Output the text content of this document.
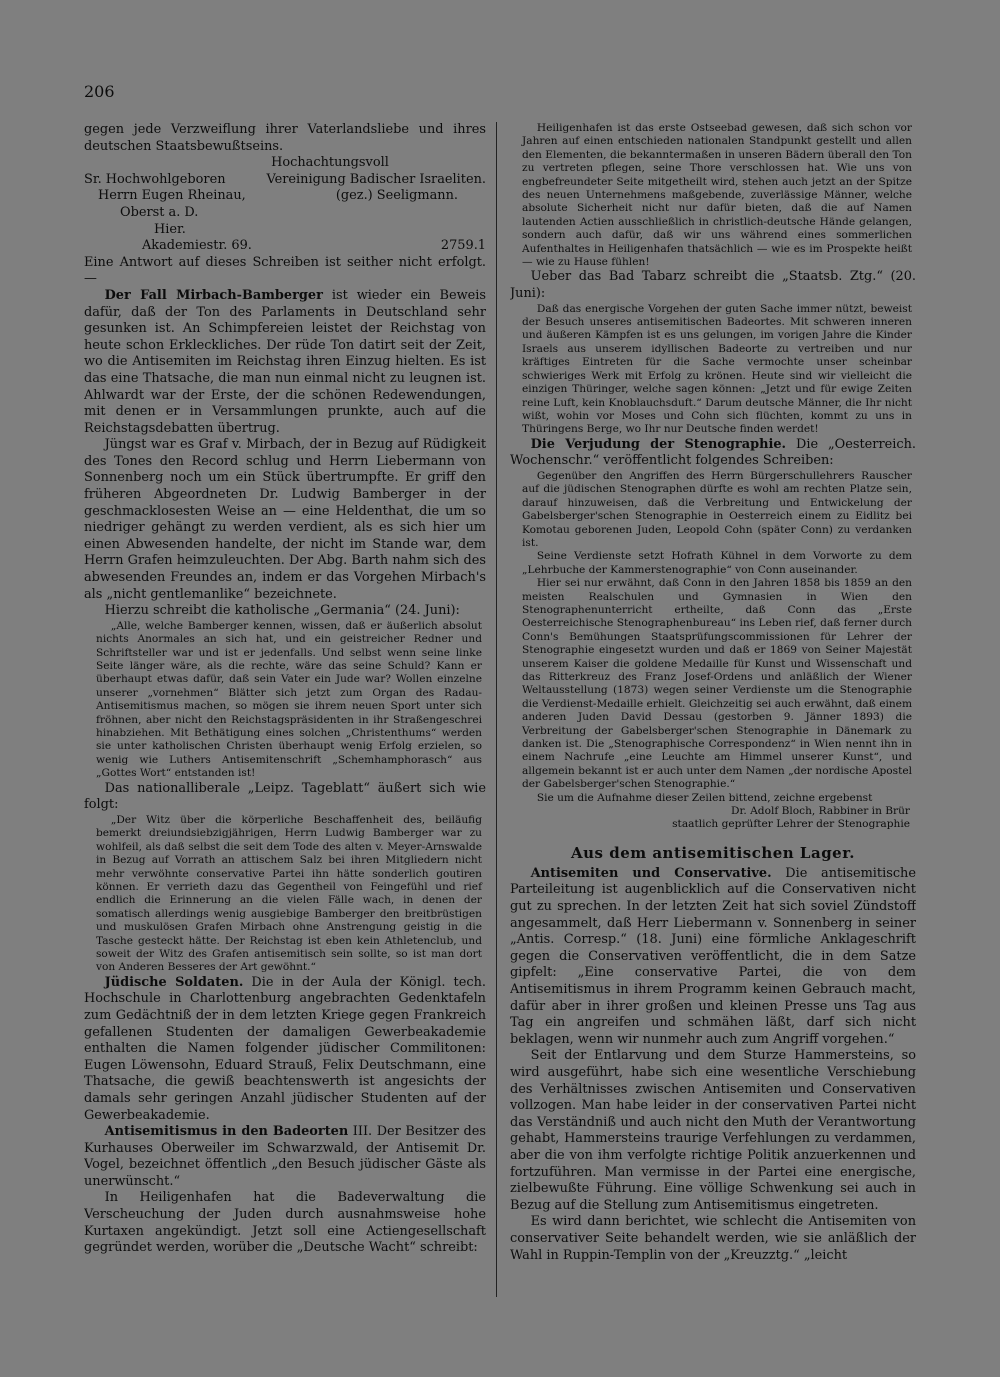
206

gegen jede Verzweiflung ihrer Vaterlandsliebe und ihres deutschen Staatsbewußtseins.

Hochachtungsvoll
Sr. Hochwohlgeboren	Vereinigung Badischer Israeliten.
Herrn Eugen Rheinau,	(gez.) Seeligmann.
Oberst a. D.
Hier.
Akademiestr. 69.	2759.1

Eine Antwort auf dieses Schreiben ist seither nicht erfolgt. —

Der Fall Mirbach-Bamberger ist wieder ein Beweis dafür, daß der Ton des Parlaments in Deutschland sehr gesunken ist. An Schimpfereien leistet der Reichstag von heute schon Erkleckliches. Der rüde Ton datirt seit der Zeit, wo die Antisemiten im Reichstag ihren Einzug hielten. Es ist das eine Thatsache, die man nun einmal nicht zu leugnen ist. Ahlwardt war der Erste, der die schönen Redewendungen, mit denen er in Versammlungen prunkte, auch auf die Reichstagsdebatten übertrug.

Jüngst war es Graf v. Mirbach, der in Bezug auf Rüdigkeit des Tones den Record schlug und Herrn Liebermann von Sonnenberg noch um ein Stück übertrumpfte. Er griff den früheren Abgeordneten Dr. Ludwig Bamberger in der geschmacklosesten Weise an — eine Heldenthat, die um so niedriger gehängt zu werden verdient, als es sich hier um einen Abwesenden handelte, der nicht im Stande war, dem Herrn Grafen heimzuleuchten. Der Abg. Barth nahm sich des abwesenden Freundes an, indem er das Vorgehen Mirbach's als „nicht gentlemanlike“ bezeichnete.

Hierzu schreibt die katholische „Germania“ (24. Juni):

„Alle, welche Bamberger kennen, wissen, daß er äußerlich absolut nichts Anormales an sich hat, und ein geistreicher Redner und Schriftsteller war und ist er jedenfalls. Und selbst wenn seine linke Seite länger wäre, als die rechte, wäre das seine Schuld? Kann er überhaupt etwas dafür, daß sein Vater ein Jude war? Wollen einzelne unserer „vornehmen“ Blätter sich jetzt zum Organ des Radau-Antisemitismus machen, so mögen sie ihrem neuen Sport unter sich fröhnen, aber nicht den Reichstagspräsidenten in ihr Straßengeschrei hinabziehen. Mit Bethätigung eines solchen „Christenthums“ werden sie unter katholischen Christen überhaupt wenig Erfolg erzielen, so wenig wie Luthers Antisemitenschrift „Schemhamphorasch“ aus „Gottes Wort“ entstanden ist!

Das nationalliberale „Leipz. Tageblatt“ äußert sich wie folgt:

„Der Witz über die körperliche Beschaffenheit des, beiläufig bemerkt dreiundsiebzigjährigen, Herrn Ludwig Bamberger war zu wohlfeil, als daß selbst die seit dem Tode des alten v. Meyer-Arnswalde in Bezug auf Vorrath an attischem Salz bei ihren Mitgliedern nicht mehr verwöhnte conservative Partei ihn hätte sonderlich goutiren können. Er verrieth dazu das Gegentheil von Feingefühl und rief endlich die Erinnerung an die vielen Fälle wach, in denen der somatisch allerdings wenig ausgiebige Bamberger den breitbrüstigen und muskulösen Grafen Mirbach ohne Anstrengung geistig in die Tasche gesteckt hätte. Der Reichstag ist eben kein Athletenclub, und soweit der Witz des Grafen antisemitisch sein sollte, so ist man dort von Anderen Besseres der Art gewöhnt.“

Jüdische Soldaten. Die in der Aula der Königl. tech. Hochschule in Charlottenburg angebrachten Gedenktafeln zum Gedächtniß der in dem letzten Kriege gegen Frankreich gefallenen Studenten der damaligen Gewerbeakademie enthalten die Namen folgender jüdischer Commilitonen: Eugen Löwensohn, Eduard Strauß, Felix Deutschmann, eine Thatsache, die gewiß beachtenswerth ist angesichts der damals sehr geringen Anzahl jüdischer Studenten auf der Gewerbeakademie.

Antisemitismus in den Badeorten III. Der Besitzer des Kurhauses Oberweiler im Schwarzwald, der Antisemit Dr. Vogel, bezeichnet öffentlich „den Besuch jüdischer Gäste als unerwünscht.“

In Heiligenhafen hat die Badeverwaltung die Verscheuchung der Juden durch ausnahmsweise hohe Kurtaxen angekündigt. Jetzt soll eine Actiengesellschaft gegründet werden, worüber die „Deutsche Wacht“ schreibt:

Heiligenhafen ist das erste Ostseebad gewesen, daß sich schon vor Jahren auf einen entschieden nationalen Standpunkt gestellt und allen den Elementen, die bekanntermaßen in unseren Bädern überall den Ton zu vertreten pflegen, seine Thore verschlossen hat. Wie uns von engbefreundeter Seite mitgetheilt wird, stehen auch jetzt an der Spitze des neuen Unternehmens maßgebende, zuverlässige Männer, welche absolute Sicherheit nicht nur dafür bieten, daß die auf Namen lautenden Actien ausschließlich in christlich-deutsche Hände gelangen, sondern auch dafür, daß wir uns während eines sommerlichen Aufenthaltes in Heiligenhafen thatsächlich — wie es im Prospekte heißt — wie zu Hause fühlen!

Ueber das Bad Tabarz schreibt die „Staatsb. Ztg.“ (20. Juni):

Daß das energische Vorgehen der guten Sache immer nützt, beweist der Besuch unseres antisemitischen Badeortes. Mit schweren inneren und äußeren Kämpfen ist es uns gelungen, im vorigen Jahre die Kinder Israels aus unserem idyllischen Badeorte zu vertreiben und nur kräftiges Eintreten für die Sache vermochte unser scheinbar schwieriges Werk mit Erfolg zu krönen. Heute sind wir vielleicht die einzigen Thüringer, welche sagen können: „Jetzt und für ewige Zeiten reine Luft, kein Knoblauchsduft.“ Darum deutsche Männer, die Ihr nicht wißt, wohin vor Moses und Cohn sich flüchten, kommt zu uns in Thüringens Berge, wo Ihr nur Deutsche finden werdet!

Die Verjudung der Stenographie. Die „Oesterreich. Wochenschr.“ veröffentlicht folgendes Schreiben:

Gegenüber den Angriffen des Herrn Bürgerschullehrers Rauscher auf die jüdischen Stenographen dürfte es wohl am rechten Platze sein, darauf hinzuweisen, daß die Verbreitung und Entwickelung der Gabelsberger'schen Stenographie in Oesterreich einem zu Eidlitz bei Komotau geborenen Juden, Leopold Cohn (später Conn) zu verdanken ist.

Seine Verdienste setzt Hofrath Kühnel in dem Vorworte zu dem „Lehrbuche der Kammerstenographie“ von Conn auseinander.

Hier sei nur erwähnt, daß Conn in den Jahren 1858 bis 1859 an den meisten Realschulen und Gymnasien in Wien den Stenographenunterricht ertheilte, daß Conn das „Erste Oesterreichische Stenographenbureau“ ins Leben rief, daß ferner durch Conn's Bemühungen Staatsprüfungscommissionen für Lehrer der Stenographie eingesetzt wurden und daß er 1869 von Seiner Majestät unserem Kaiser die goldene Medaille für Kunst und Wissenschaft und das Ritterkreuz des Franz Josef-Ordens und anläßlich der Wiener Weltausstellung (1873) wegen seiner Verdienste um die Stenographie die Verdienst-Medaille erhielt. Gleichzeitig sei auch erwähnt, daß einem anderen Juden David Dessau (gestorben 9. Jänner 1893) die Verbreitung der Gabelsberger'schen Stenographie in Dänemark zu danken ist. Die „Stenographische Correspondenz“ in Wien nennt ihn in einem Nachrufe „eine Leuchte am Himmel unserer Kunst“, und allgemein bekannt ist er auch unter dem Namen „der nordische Apostel der Gabelsberger'schen Stenographie.“

Sie um die Aufnahme dieser Zeilen bittend, zeichne ergebenst

Dr. Adolf Bloch, Rabbiner in Brür
staatlich geprüfter Lehrer der Stenographie
Aus dem antisemitischen Lager.

Antisemiten und Conservative. Die antisemitische Parteileitung ist augenblicklich auf die Conservativen nicht gut zu sprechen. In der letzten Zeit hat sich soviel Zündstoff angesammelt, daß Herr Liebermann v. Sonnenberg in seiner „Antis. Corresp.“ (18. Juni) eine förmliche Anklageschrift gegen die Conservativen veröffentlicht, die in dem Satze gipfelt: „Eine conservative Partei, die von dem Antisemitismus in ihrem Programm keinen Gebrauch macht, dafür aber in ihrer großen und kleinen Presse uns Tag aus Tag ein angreifen und schmähen läßt, darf sich nicht beklagen, wenn wir nunmehr auch zum Angriff vorgehen.“

Seit der Entlarvung und dem Sturze Hammersteins, so wird ausgeführt, habe sich eine wesentliche Verschiebung des Verhältnisses zwischen Antisemiten und Conservativen vollzogen. Man habe leider in der conservativen Partei nicht das Verständniß und auch nicht den Muth der Verantwortung gehabt, Hammersteins traurige Verfehlungen zu verdammen, aber die von ihm verfolgte richtige Politik anzuerkennen und fortzuführen. Man vermisse in der Partei eine energische, zielbewußte Führung. Eine völlige Schwenkung sei auch in Bezug auf die Stellung zum Antisemitismus eingetreten.

Es wird dann berichtet, wie schlecht die Antisemiten von conservativer Seite behandelt werden, wie sie anläßlich der Wahl in Ruppin-Templin von der „Kreuzztg.“ „leicht
